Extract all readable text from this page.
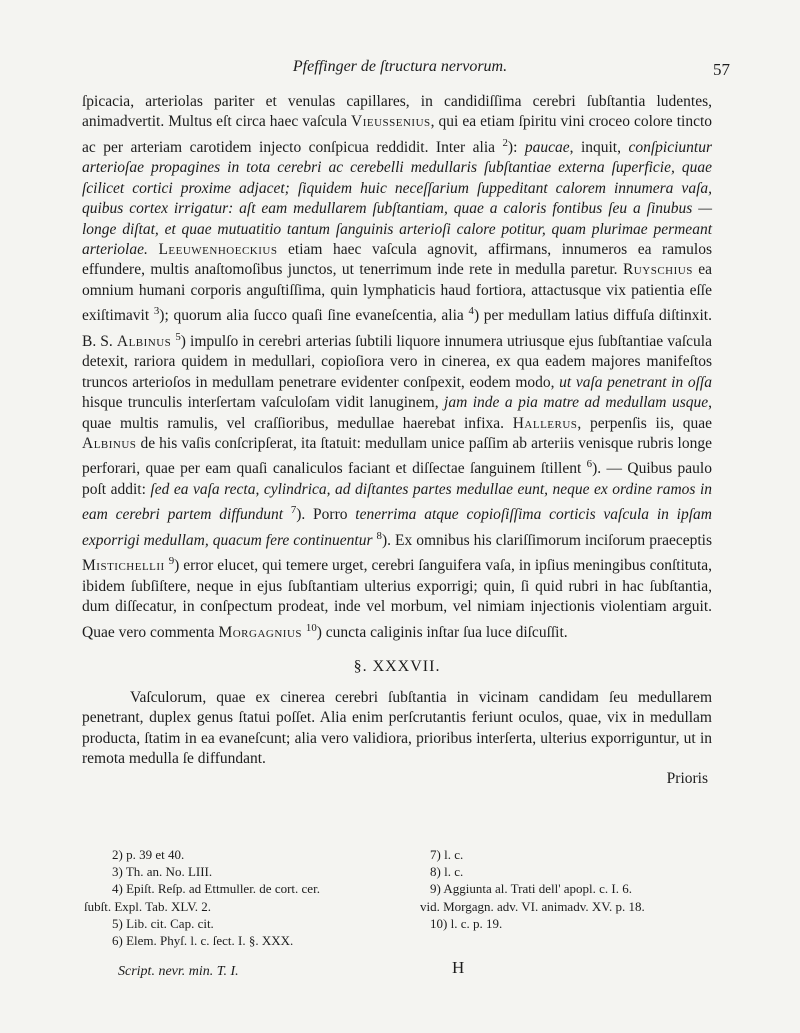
Pfeffinger de ſtructura nervorum.	57

ſpicacia, arteriolas pariter et venulas capillares, in candidiſſima cerebri ſubſtantia ludentes, animadvertit. Multus eſt circa haec vaſcula Vieussenius, qui ea etiam ſpiritu vini croceo colore tincto ac per arteriam carotidem injecto conſpicua reddidit. Inter alia $^2$): paucae, inquit, conſpiciuntur arterioſae propagines in tota cerebri ac cerebelli medullaris ſubſtantiae externa ſuperficie, quae ſcilicet cortici proxime adjacet; ſiquidem huic neceſſarium ſuppeditant calorem innumera vaſa, quibus cortex irrigatur: aſt eam medullarem ſubſtantiam, quae a caloris fontibus ſeu a ſinubus — longe diſtat, et quae mutuatitio tantum ſanguinis arterioſi calore potitur, quam plurimae permeant arteriolae. Leeuwenhoeckius etiam haec vaſcula agnovit, affirmans, innumeros ea ramulos effundere, multis anaſtomoſibus junctos, ut tenerrimum inde rete in medulla paretur. Ruyschius ea omnium humani corporis anguſtiſſima, quin lymphaticis haud fortiora, attactusque vix patientia eſſe exiſtimavit $^3$); quorum alia ſucco quaſi ſine evaneſcentia, alia $^4$) per medullam latius diffuſa diſtinxit. B. S. Albinus $^5$) impulſo in cerebri arterias ſubtili liquore innumera utriusque ejus ſubſtantiae vaſcula detexit, rariora quidem in medullari, copioſiora vero in cinerea, ex qua eadem majores manifeſtos truncos arterioſos in medullam penetrare evidenter conſpexit, eodem modo, ut vaſa penetrant in oſſa hisque trunculis interſertam vaſculoſam vidit lanuginem, jam inde a pia matre ad medullam usque, quae multis ramulis, vel craſſioribus, medullae haerebat infixa. Hallerus, perpenſis iis, quae Albinus de his vaſis conſcripſerat, ita ſtatuit: medullam unice paſſim ab arteriis venisque rubris longe perforari, quae per eam quaſi canaliculos faciant et diſſectae ſanguinem ſtillent $^6$). — Quibus paulo poſt addit: ſed ea vaſa recta, cylindrica, ad diſtantes partes medullae eunt, neque ex ordine ramos in eam cerebri partem diffundunt $^7$). Porro tenerrima atque copioſiſſima corticis vaſcula in ipſam exporrigi medullam, quacum fere continuentur $^8$). Ex omnibus his clariſſimorum inciſorum praeceptis Mistichellii $^9$) error elucet, qui temere urget, cerebri ſanguifera vaſa, in ipſius meningibus conſtituta, ibidem ſubſiſtere, neque in ejus ſubſtantiam ulterius exporrigi; quin, ſi quid rubri in hac ſubſtantia, dum diſſecatur, in conſpectum prodeat, inde vel morbum, vel nimiam injectionis violentiam arguit. Quae vero commenta Morgagnius $^{10}$) cuncta caliginis inſtar ſua luce diſcuſſit.

§. XXXVII.

Vaſculorum, quae ex cinerea cerebri ſubſtantia in vicinam candidam ſeu medullarem penetrant, duplex genus ſtatui poſſet. Alia enim perſcrutantis feriunt oculos, quae, vix in medullam producta, ſtatim in ea evaneſcunt; alia vero validiora, prioribus interſerta, ulterius exporriguntur, ut in remota medulla ſe diffundant.

Prioris

2) p. 39 et 40.
3) Th. an. No. LIII.
4) Epiſt. Reſp. ad Ettmuller. de cort. cer.
ſubſt. Expl. Tab. XLV. 2.
5) Lib. cit. Cap. cit.
6) Elem. Phyſ. l. c. ſect. I. §. XXX.
7) l. c.
8) l. c.
9) Aggiunta al. Trati dell' apopl. c. I. 6.
vid. Morgagn. adv. VI. animadv. XV. p. 18.
10) l. c. p. 19.
Script. nevr. min. T. I.	H
